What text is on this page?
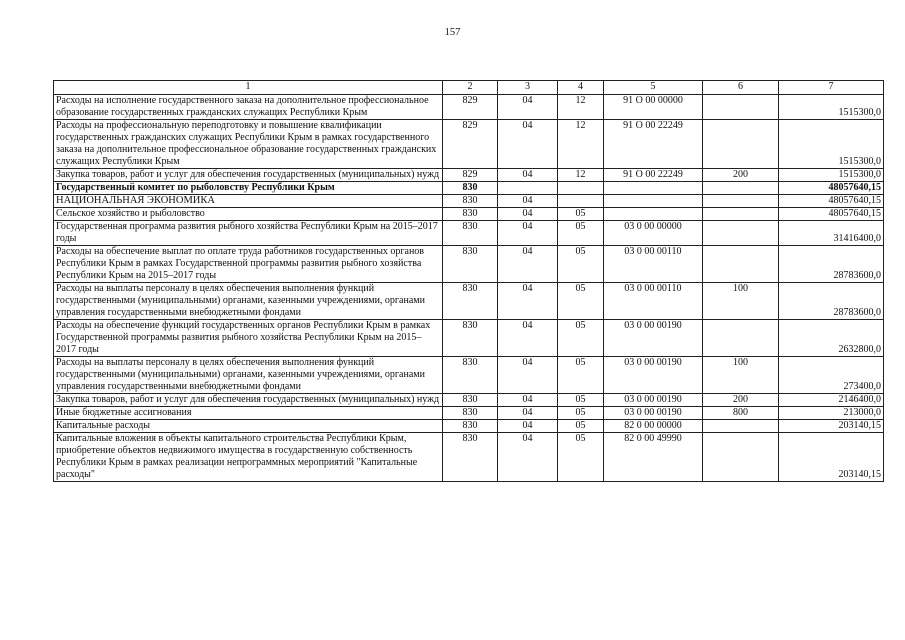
157
1	2	3	4	5	6	7
Расходы на исполнение государственного заказа на дополнительное профессиональное образование государственных гражданских служащих Республики Крым	829	04	12	91 О 00 00000		1515300,0
Расходы на профессиональную переподготовку и повышение квалификации государственных гражданских служащих Республики Крым в рамках государственного заказа на дополнительное профессиональное образование государственных гражданских служащих Республики Крым	829	04	12	91 О 00 22249		1515300,0
Закупка товаров, работ и услуг для обеспечения государственных (муниципальных) нужд	829	04	12	91 О 00 22249	200	1515300,0
Государственный комитет по рыболовству Республики Крым	830					48057640,15
НАЦИОНАЛЬНАЯ ЭКОНОМИКА	830	04				48057640,15
Сельское хозяйство и рыболовство	830	04	05			48057640,15
Государственная программа развития рыбного хозяйства Республики Крым на 2015–2017 годы	830	04	05	03 0 00 00000		31416400,0
Расходы на обеспечение выплат по оплате труда работников государственных органов Республики Крым в рамках Государственной программы развития рыбного хозяйства Республики Крым на 2015–2017 годы	830	04	05	03 0 00 00110		28783600,0
Расходы на выплаты персоналу в целях обеспечения выполнения функций государственными (муниципальными) органами, казенными учреждениями, органами управления государственными внебюджетными фондами	830	04	05	03 0 00 00110	100	28783600,0
Расходы на обеспечение функций государственных органов Республики Крым в рамках Государственной программы развития рыбного хозяйства Республики Крым на 2015–2017 годы	830	04	05	03 0 00 00190		2632800,0
Расходы на выплаты персоналу в целях обеспечения выполнения функций государственными (муниципальными) органами, казенными учреждениями, органами управления государственными внебюджетными фондами	830	04	05	03 0 00 00190	100	273400,0
Закупка товаров, работ и услуг для обеспечения государственных (муниципальных) нужд	830	04	05	03 0 00 00190	200	2146400,0
Иные бюджетные ассигнования	830	04	05	03 0 00 00190	800	213000,0
Капитальные расходы	830	04	05	82 0 00 00000		203140,15
Капитальные вложения в объекты капитального строительства Республики Крым, приобретение объектов недвижимого имущества в государственную собственность Республики Крым в рамках реализации непрограммных мероприятий "Капитальные расходы"	830	04	05	82 0 00 49990		203140,15
